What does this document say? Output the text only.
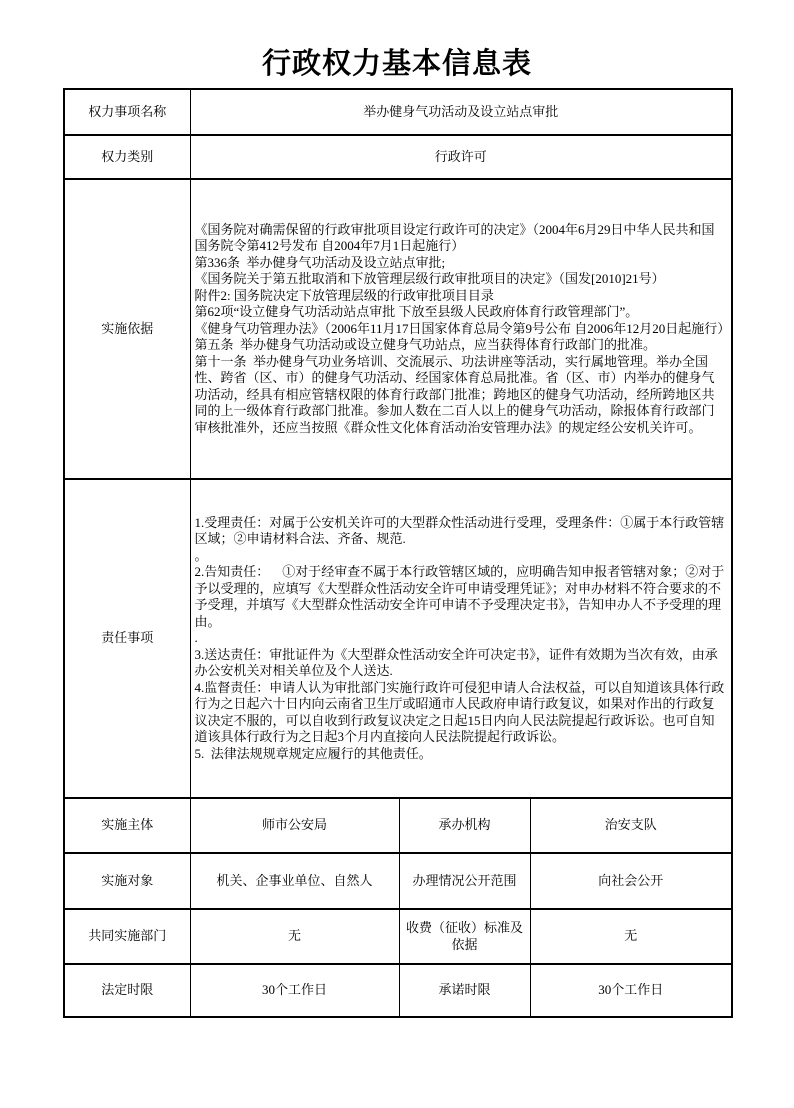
行政权力基本信息表
权力事项名称	举办健身气功活动及设立站点审批		
权力类别	行政许可		
实施依据	
《国务院对确需保留的行政审批项目设定行政许可的决定》（2004年6月29日中华人民共和国国务院令第412号发布 自2004年7月1日起施行）
第336条  举办健身气功活动及设立站点审批;
《国务院关于第五批取消和下放管理层级行政审批项目的决定》（国发[2010]21号）
附件2: 国务院决定下放管理层级的行政审批项目目录
第62项“设立健身气功活动站点审批 下放至县级人民政府体育行政管理部门”。
《健身气功管理办法》（2006年11月17日国家体育总局令第9号公布 自2006年12月20日起施行）
第五条  举办健身气功活动或设立健身气功站点，应当获得体育行政部门的批准。
第十一条  举办健身气功业务培训、交流展示、功法讲座等活动，实行属地管理。举办全国性、跨省（区、市）的健身气功活动、经国家体育总局批准。省（区、市）内举办的健身气功活动，经具有相应管辖权限的体育行政部门批准；跨地区的健身气功活动，经所跨地区共同的上一级体育行政部门批准。参加人数在二百人以上的健身气功活动，除报体育行政部门审核批准外，还应当按照《群众性文化体育活动治安管理办法》的规定经公安机关许可。

责任事项	
1.受理责任：对属于公安机关许可的大型群众性活动进行受理，受理条件：①属于本行政管辖区域；②申请材料合法、齐备、规范.
。
2.告知责任：    ①对于经审查不属于本行政管辖区域的，应明确告知申报者管辖对象；②对于予以受理的，应填写《大型群众性活动安全许可申请受理凭证》；对申办材料不符合要求的不予受理，并填写《大型群众性活动安全许可申请不予受理决定书》，告知申办人不予受理的理由。
.
3.送达责任：审批证件为《大型群众性活动安全许可决定书》，证件有效期为当次有效，由承办公安机关对相关单位及个人送达.
4.监督责任：申请人认为审批部门实施行政许可侵犯申请人合法权益，可以自知道该具体行政行为之日起六十日内向云南省卫生厅或昭通市人民政府申请行政复议，如果对作出的行政复议决定不服的，可以自收到行政复议决定之日起15日内向人民法院提起行政诉讼。也可自知道该具体行政行为之日起3个月内直接向人民法院提起行政诉讼。
5.  法律法规规章规定应履行的其他责任。

实施主体	师市公安局	承办机构	治安支队
实施对象	机关、企事业单位、自然人	办理情况公开范围	向社会公开
共同实施部门	无	收费（征收）标准及依据	无
法定时限	30个工作日	承诺时限	30个工作日
